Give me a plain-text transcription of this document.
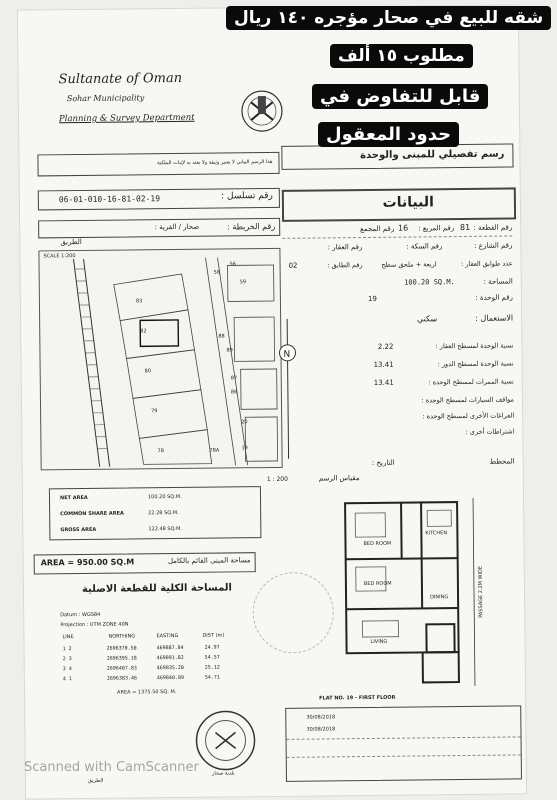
Sultanate of Oman
Sohar Municipality
Planning & Survey Department
رسم تفصيلي للمبنى والوحدة
هذا الرسم البياني لا يعتبر وثيقة ولا يعتد به لإثبات الملكية
06-01-010-16-81-02-19	رقم تسلسل :	البيانات
رقم الخريطة :
صحار / القرية :
الطريق
SCALE 1:200
N
83
82
80
79
78	78A
58
59
88
89
87
86
20
19
56
رقم القطعة :
81
رقم المربع :
16
رقم المجمع
رقم الشارع :
رقم السكة :
رقم العقار :
عدد طوابق العقار :
اربعة + ملحق سطح
رقم الطابق :
02
المساحة :
100.20 SQ.M.
رقم الوحدة :
19
الاستعمال :
سكني
نسبة الوحدة لمسطح العقار :
2.22
نسبة الوحدة لمسطح الدور :
13.41
نسبة الممرات لمسطح الوحدة :
13.41
مواقف السيارات لمسطح الوحدة :
الفراغات الأخرى لمسطح الوحدة :
اشتراطات أخرى :
المخطط
التاريخ :
1 : 200	مقياس الرسم
NET AREA	100.20 SQ.M.
COMMON SHARE AREA	22.28 SQ.M.
GROSS AREA	122.48 SQ.M.
AREA = 950.00 SQ.M	مساحة المبنى القائم بالكامل
المساحة الكلية للقطعة الاصلية
Datum : WGS84
Projection : UTM ZONE 40N
LINE	NORTHING	EASTING	DIST (m)
1 2	2696370.50	469887.84	24.97
2 3	2696395.18	469891.82	54.57
3 4	2696407.83	469835.20	25.12
4 1	2696383.46	469840.89	54.71
AREA = 1375.50 SQ. M.
BED ROOM
BED ROOM
KITCHEN
DINING
LIVING
PASSAGE 2.2M WIDE
FLAT NO. 19 - FIRST FLOOR
بلدية صحار
30/08/2018
30/08/2018
الطريق
شقه للبيع في صحار مؤجره ١٤٠ ريال
مطلوب ١٥ ألف
قابل للتفاوض في
حدود المعقول
Scanned with CamScanner
